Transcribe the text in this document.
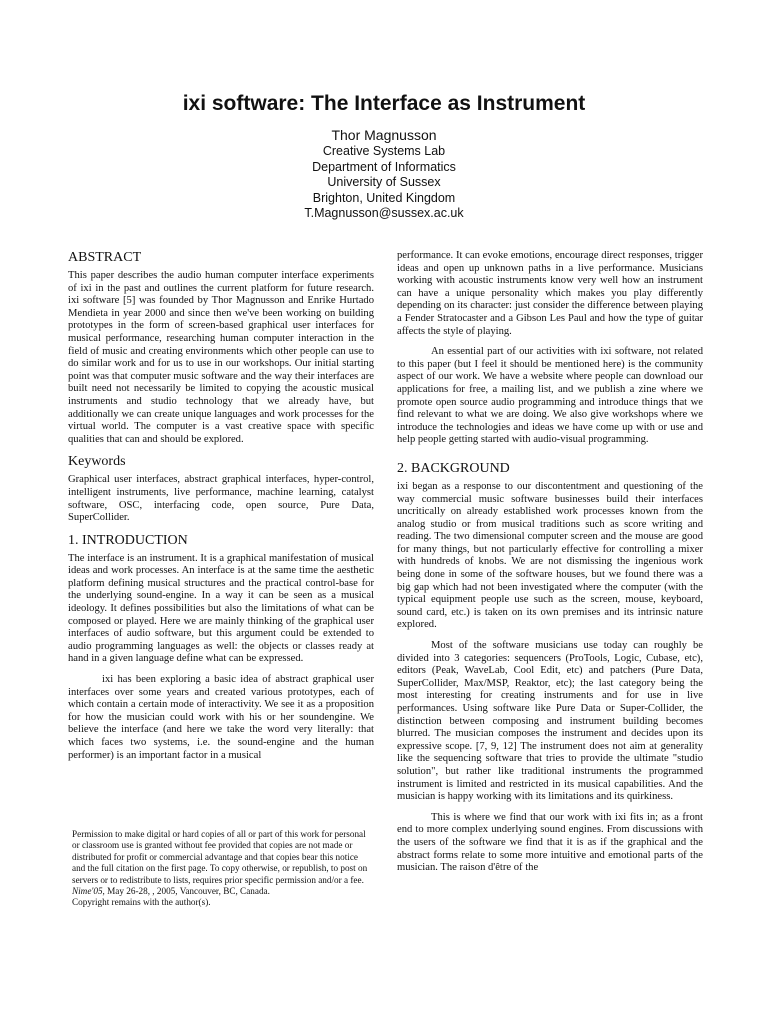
ixi software: The Interface as Instrument
Thor Magnusson
Creative Systems Lab
Department of Informatics
University of Sussex
Brighton, United Kingdom
T.Magnusson@sussex.ac.uk
ABSTRACT

This paper describes the audio human computer interface experiments of ixi in the past and outlines the current platform for future research. ixi software [5] was founded by Thor Magnusson and Enrike Hurtado Mendieta in year 2000 and since then we've been working on building prototypes in the form of screen-based graphical user interfaces for musical performance, researching human computer interaction in the field of music and creating environments which other people can use to do similar work and for us to use in our workshops. Our initial starting point was that computer music software and the way their interfaces are built need not necessarily be limited to copying the acoustic musical instruments and studio technology that we already have, but additionally we can create unique languages and work processes for the virtual world. The computer is a vast creative space with specific qualities that can and should be explored.

Keywords

Graphical user interfaces, abstract graphical interfaces, hyper-control, intelligent instruments, live performance, machine learning, catalyst software, OSC, interfacing code, open source, Pure Data, SuperCollider.

1. INTRODUCTION

The interface is an instrument. It is a graphical manifestation of musical ideas and work processes. An interface is at the same time the aesthetic platform defining musical structures and the practical control-base for the underlying sound-engine. In a way it can be seen as a musical ideology. It defines possibilities but also the limitations of what can be composed or played. Here we are mainly thinking of the graphical user interfaces of audio software, but this argument could be extended to audio programming languages as well: the objects or classes ready at hand in a given language define what can be expressed.

ixi has been exploring a basic idea of abstract graphical user interfaces over some years and created various prototypes, each of which contain a certain mode of interactivity. We see it as a proposition for how the musician could work with his or her soundengine. We believe the interface (and here we take the word very literally: that which faces two systems, i.e. the sound-engine and the human performer) is an important factor in a musical

Permission to make digital or hard copies of all or part of this work for personal or classroom use is granted without fee provided that copies are not made or distributed for profit or commercial advantage and that copies bear this notice and the full citation on the first page. To copy otherwise, or republish, to post on servers or to redistribute to lists, requires prior specific permission and/or a fee.

Nime'05, May 26-28, , 2005, Vancouver, BC, Canada.

Copyright remains with the author(s).

performance. It can evoke emotions, encourage direct responses, trigger ideas and open up unknown paths in a live performance. Musicians working with acoustic instruments know very well how an instrument can have a unique personality which makes you play differently depending on its character: just consider the difference between playing a Fender Stratocaster and a Gibson Les Paul and how the type of guitar affects the style of playing.

An essential part of our activities with ixi software, not related to this paper (but I feel it should be mentioned here) is the community aspect of our work. We have a website where people can download our applications for free, a mailing list, and we publish a zine where we promote open source audio programming and introduce things that we find relevant to what we are doing. We also give workshops where we introduce the technologies and ideas we have come up with or use and help people getting started with audio-visual programming.

2. BACKGROUND

ixi began as a response to our discontentment and questioning of the way commercial music software businesses build their interfaces uncritically on already established work processes known from the analog studio or from musical traditions such as score writing and reading. The two dimensional computer screen and the mouse are good for many things, but not particularly effective for controlling a mixer with hundreds of knobs. We are not dismissing the ingenious work being done in some of the software houses, but we found there was a big gap which had not been investigated where the computer (with the typical equipment people use such as the screen, mouse, keyboard, sound card, etc.) is taken on its own premises and its intrinsic nature explored.

Most of the software musicians use today can roughly be divided into 3 categories: sequencers (ProTools, Logic, Cubase, etc), editors (Peak, WaveLab, Cool Edit, etc) and patchers (Pure Data, SuperCollider, Max/MSP, Reaktor, etc); the last category being the most interesting for creating instruments and for use in live performances. Using software like Pure Data or Super-Collider, the distinction between composing and instrument building becomes blurred. The musician composes the instrument and decides upon its expressive scope. [7, 9, 12] The instrument does not aim at generality like the sequencing software that tries to provide the ultimate "studio solution", but rather like traditional instruments the programmed instrument is limited and restricted in its musical capabilities. And the musician is happy working with its limitations and its quirkiness.

This is where we find that our work with ixi fits in; as a front end to more complex underlying sound engines. From discussions with the users of the software we find that it is as if the graphical and the abstract forms relate to some more intuitive and emotional parts of the musician. The raison d'être of the
